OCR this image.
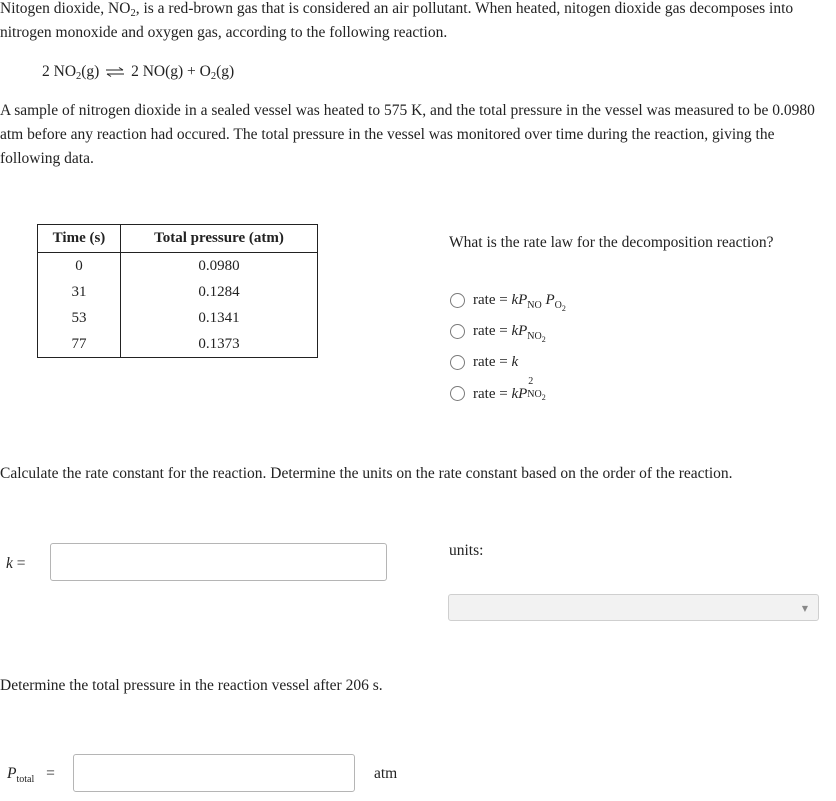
Nitogen dioxide, $NO_2$, is a red-brown gas that is considered an air pollutant. When heated, nitogen dioxide gas decomposes into nitrogen monoxide and oxygen gas, according to the following reaction.
2 $NO_2(g)$ ⇌ 2 $NO(g) + O_2(g)$
A sample of nitrogen dioxide in a sealed vessel was heated to 575 K, and the total pressure in the vessel was measured to be 0.0980 atm before any reaction had occured. The total pressure in the vessel was monitored over time during the reaction, giving the following data.
Time (s)	Total pressure (atm)
0	0.0980
31	0.1284
53	0.1341
77	0.1373
What is the rate law for the decomposition reaction?
rate = $kP_{NO}$ $P_{O_2}$
rate = $kP_{NO_2}$
rate = k
rate = kP
2
$NO_2$
Calculate the rate constant for the reaction. Determine the units on the rate constant based on the order of the reaction.
k =
units:
▼
Determine the total pressure in the reaction vessel after 206 s.
$P_{total}$ =	atm
